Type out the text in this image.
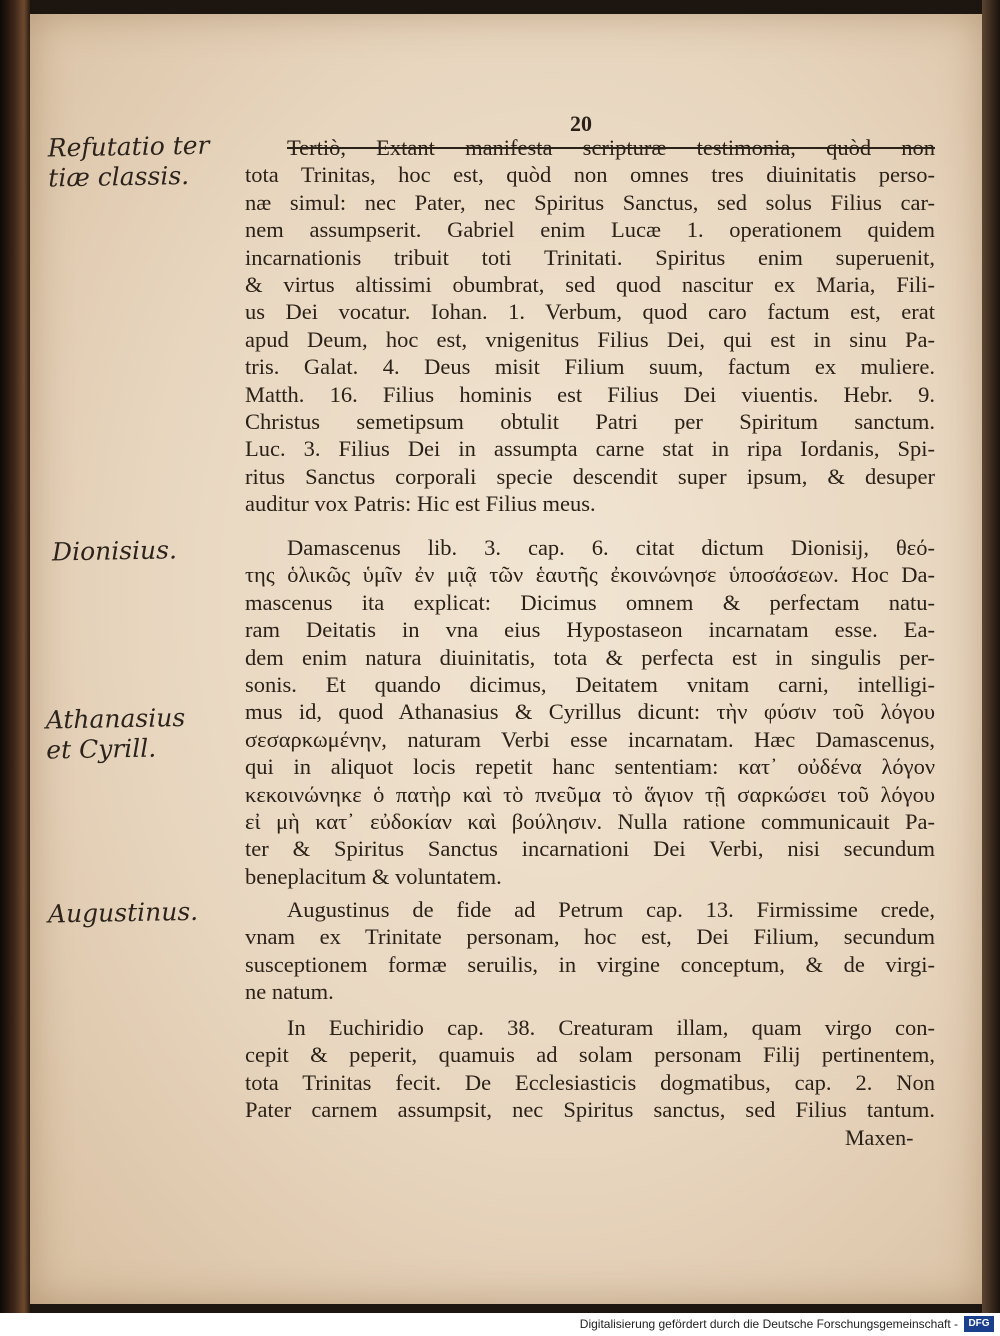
20

Refutatio ter tiæ classis.

Dionisius.

Athanasius et Cyrill.

Augustinus.

Tertiò, Extant manifesta scripturæ testimonia, quòd non
tota Trinitas, hoc est, quòd non omnes tres diuinitatis perso-
næ simul: nec Pater, nec Spiritus Sanctus, sed solus Filius car-
nem assumpserit. Gabriel enim Lucæ 1. operationem quidem
incarnationis tribuit toti Trinitati. Spiritus enim superuenit,
& virtus altissimi obumbrat, sed quod nascitur ex Maria, Fili-
us Dei vocatur. Iohan. 1. Verbum, quod caro factum est, erat
apud Deum, hoc est, vnigenitus Filius Dei, qui est in sinu Pa-
tris. Galat. 4. Deus misit Filium suum, factum ex muliere.
Matth. 16. Filius hominis est Filius Dei viuentis. Hebr. 9.
Christus semetipsum obtulit Patri per Spiritum sanctum.
Luc. 3. Filius Dei in assumpta carne stat in ripa Iordanis, Spi-
ritus Sanctus corporali specie descendit super ipsum, & desuper
auditur vox Patris: Hic est Filius meus.
Damascenus lib. 3. cap. 6. citat dictum Dionisij, θεό-
της ὁλικῶς ὑμῖν ἐν μιᾷ τῶν ἑαυτῆς ἐκοινώνησε ὑποσάσεων. Hoc Da-
mascenus ita explicat: Dicimus omnem & perfectam natu-
ram Deitatis in vna eius Hypostaseon incarnatam esse. Ea-
dem enim natura diuinitatis, tota & perfecta est in singulis per-
sonis. Et quando dicimus, Deitatem vnitam carni, intelligi-
mus id, quod Athanasius & Cyrillus dicunt: τὴν φύσιν τοῦ λόγου
σεσαρκωμένην, naturam Verbi esse incarnatam. Hæc Damascenus,
qui in aliquot locis repetit hanc sententiam: κατ᾽ οὐδένα λόγον
κεκοινώνηκε ὁ πατὴρ καὶ τὸ πνεῦμα τὸ ἅγιον τῇ σαρκώσει τοῦ λόγου
εἰ μὴ κατ᾽ εὐδοκίαν καὶ βούλησιν. Nulla ratione communicauit Pa-
ter & Spiritus Sanctus incarnationi Dei Verbi, nisi secundum
beneplacitum & voluntatem.
Augustinus de fide ad Petrum cap. 13. Firmissime crede,
vnam ex Trinitate personam, hoc est, Dei Filium, secundum
susceptionem formæ seruilis, in virgine conceptum, & de virgi-
ne natum.
In Euchiridio cap. 38. Creaturam illam, quam virgo con-
cepit & peperit, quamuis ad solam personam Filij pertinentem,
tota Trinitas fecit. De Ecclesiasticis dogmatibus, cap. 2. Non
Pater carnem assumpsit, nec Spiritus sanctus, sed Filius tantum.

Maxen-

Digitalisierung gefördert durch die Deutsche Forschungsgemeinschaft -	DFG
